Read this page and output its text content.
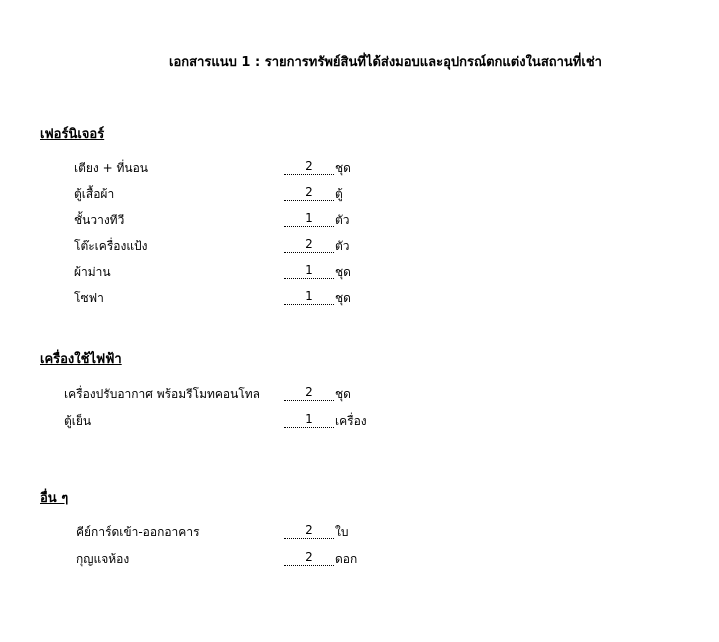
เอกสารแนบ 1 : รายการทรัพย์สินที่ได้ส่งมอบและอุปกรณ์ตกแต่งในสถานที่เช่า
เฟอร์นิเจอร์
เตียง + ที่นอน	2	ชุด
ตู้เสื้อผ้า	2	ตู้
ชั้นวางทีวี	1	ตัว
โต๊ะเครื่องแป้ง	2	ตัว
ผ้าม่าน	1	ชุด
โซฟา	1	ชุด
เครื่องใช้ไฟฟ้า
เครื่องปรับอากาศ พร้อมรีโมทคอนโทล	2	ชุด
ตู้เย็น	1	เครื่อง
อื่น ๆ
คีย์การ์ดเข้า-ออกอาคาร	2	ใบ
กุญแจห้อง	2	ดอก
